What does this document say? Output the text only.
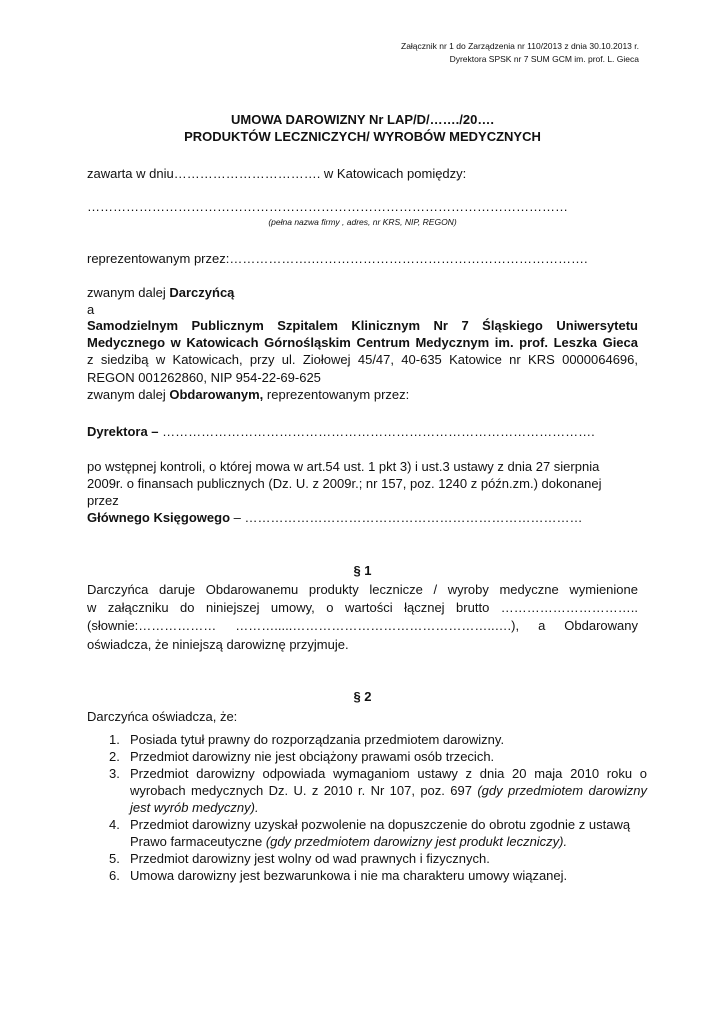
Załącznik nr 1 do Zarządzenia nr 110/2013 z dnia 30.10.2013 r.
Dyrektora SPSK nr 7 SUM GCM im. prof. L. Gieca
UMOWA DAROWIZNY Nr LAP/D/……./20….
PRODUKTÓW LECZNICZYCH/ WYROBÓW MEDYCZNYCH
zawarta w dniu……………………………. w Katowicach pomiędzy:
…………………………………………………………………………………………………
(pełna nazwa firmy , adres, nr KRS, NIP, REGON)
reprezentowanym przez:……………….……………………………………………………….
zwanym dalej Darczyńcą
a
Samodzielnym Publicznym Szpitalem Klinicznym Nr 7 Śląskiego Uniwersytetu
Medycznego w Katowicach Górnośląskim Centrum Medycznym im. prof. Leszka Gieca
z siedzibą w Katowicach, przy ul. Ziołowej 45/47, 40-635 Katowice nr KRS 0000064696,
REGON 001262860, NIP 954-22-69-625
zwanym dalej Obdarowanym, reprezentowanym przez:
Dyrektora – ……………………………………………………………………………………….
po wstępnej kontroli, o której mowa w art.54 ust. 1 pkt 3) i ust.3 ustawy z dnia 27 sierpnia
2009r. o finansach publicznych (Dz. U. z 2009r.; nr 157, poz. 1240 z późn.zm.) dokonanej
przez
Głównego Księgowego – ……………………………………………………………………
§ 1
Darczyńca daruje Obdarowanemu produkty lecznicze / wyroby medyczne wymienione
w załączniku do niniejszej umowy, o wartości łącznej brutto …………………………..
(słownie:……………… ……….....………………………………………..….), a Obdarowany
oświadcza, że niniejszą darowiznę przyjmuje.
§ 2
Darczyńca oświadcza, że:
1. Posiada tytuł prawny do rozporządzania przedmiotem darowizny.
2. Przedmiot darowizny nie jest obciążony prawami osób trzecich.
3. Przedmiot darowizny odpowiada wymaganiom ustawy z dnia 20 maja 2010 roku o wyrobach medycznych Dz. U. z 2010 r. Nr 107, poz. 697 (gdy przedmiotem darowizny jest wyrób medyczny).
4. Przedmiot darowizny uzyskał pozwolenie na dopuszczenie do obrotu zgodnie z ustawą Prawo farmaceutyczne (gdy przedmiotem darowizny jest produkt leczniczy).
5. Przedmiot darowizny jest wolny od wad prawnych i fizycznych.
6. Umowa darowizny jest bezwarunkowa i nie ma charakteru umowy wiązanej.
